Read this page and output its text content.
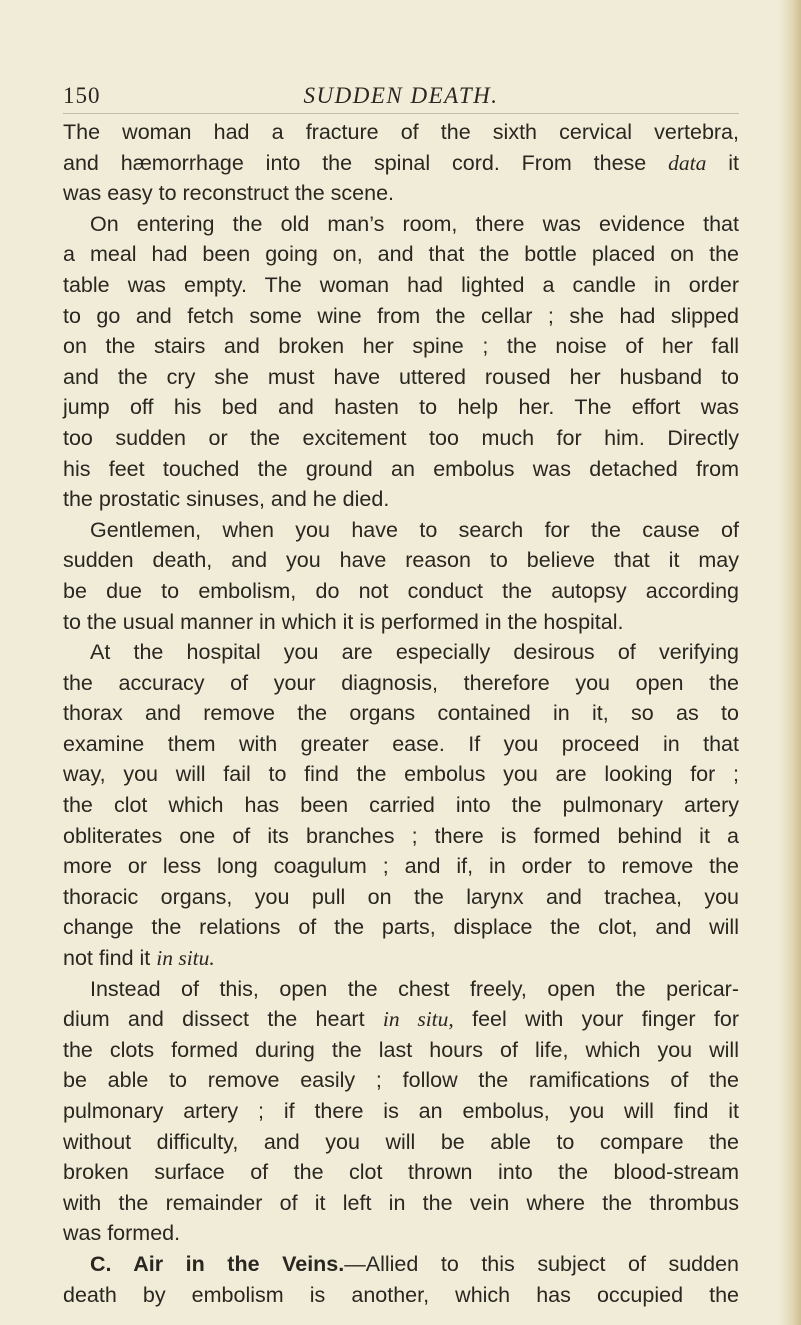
150	SUDDEN DEATH.
The woman had a fracture of the sixth cervical vertebra,
and hæmorrhage into the spinal cord. From these data it
was easy to reconstruct the scene.
On entering the old man’s room, there was evidence that
a meal had been going on, and that the bottle placed on the
table was empty. The woman had lighted a candle in order
to go and fetch some wine from the cellar ; she had slipped
on the stairs and broken her spine ; the noise of her fall
and the cry she must have uttered roused her husband to
jump off his bed and hasten to help her. The effort was
too sudden or the excitement too much for him. Directly
his feet touched the ground an embolus was detached from
the prostatic sinuses, and he died.
Gentlemen, when you have to search for the cause of
sudden death, and you have reason to believe that it may
be due to embolism, do not conduct the autopsy according
to the usual manner in which it is performed in the hospital.
At the hospital you are especially desirous of verifying
the accuracy of your diagnosis, therefore you open the
thorax and remove the organs contained in it, so as to
examine them with greater ease. If you proceed in that
way, you will fail to find the embolus you are looking for ;
the clot which has been carried into the pulmonary artery
obliterates one of its branches ; there is formed behind it a
more or less long coagulum ; and if, in order to remove the
thoracic organs, you pull on the larynx and trachea, you
change the relations of the parts, displace the clot, and will
not find it in situ.
Instead of this, open the chest freely, open the pericar-
dium and dissect the heart in situ, feel with your finger for
the clots formed during the last hours of life, which you will
be able to remove easily ; follow the ramifications of the
pulmonary artery ; if there is an embolus, you will find it
without difficulty, and you will be able to compare the
broken surface of the clot thrown into the blood-stream
with the remainder of it left in the vein where the thrombus
was formed.
C. Air in the Veins.—Allied to this subject of sudden
death by embolism is another, which has occupied the
